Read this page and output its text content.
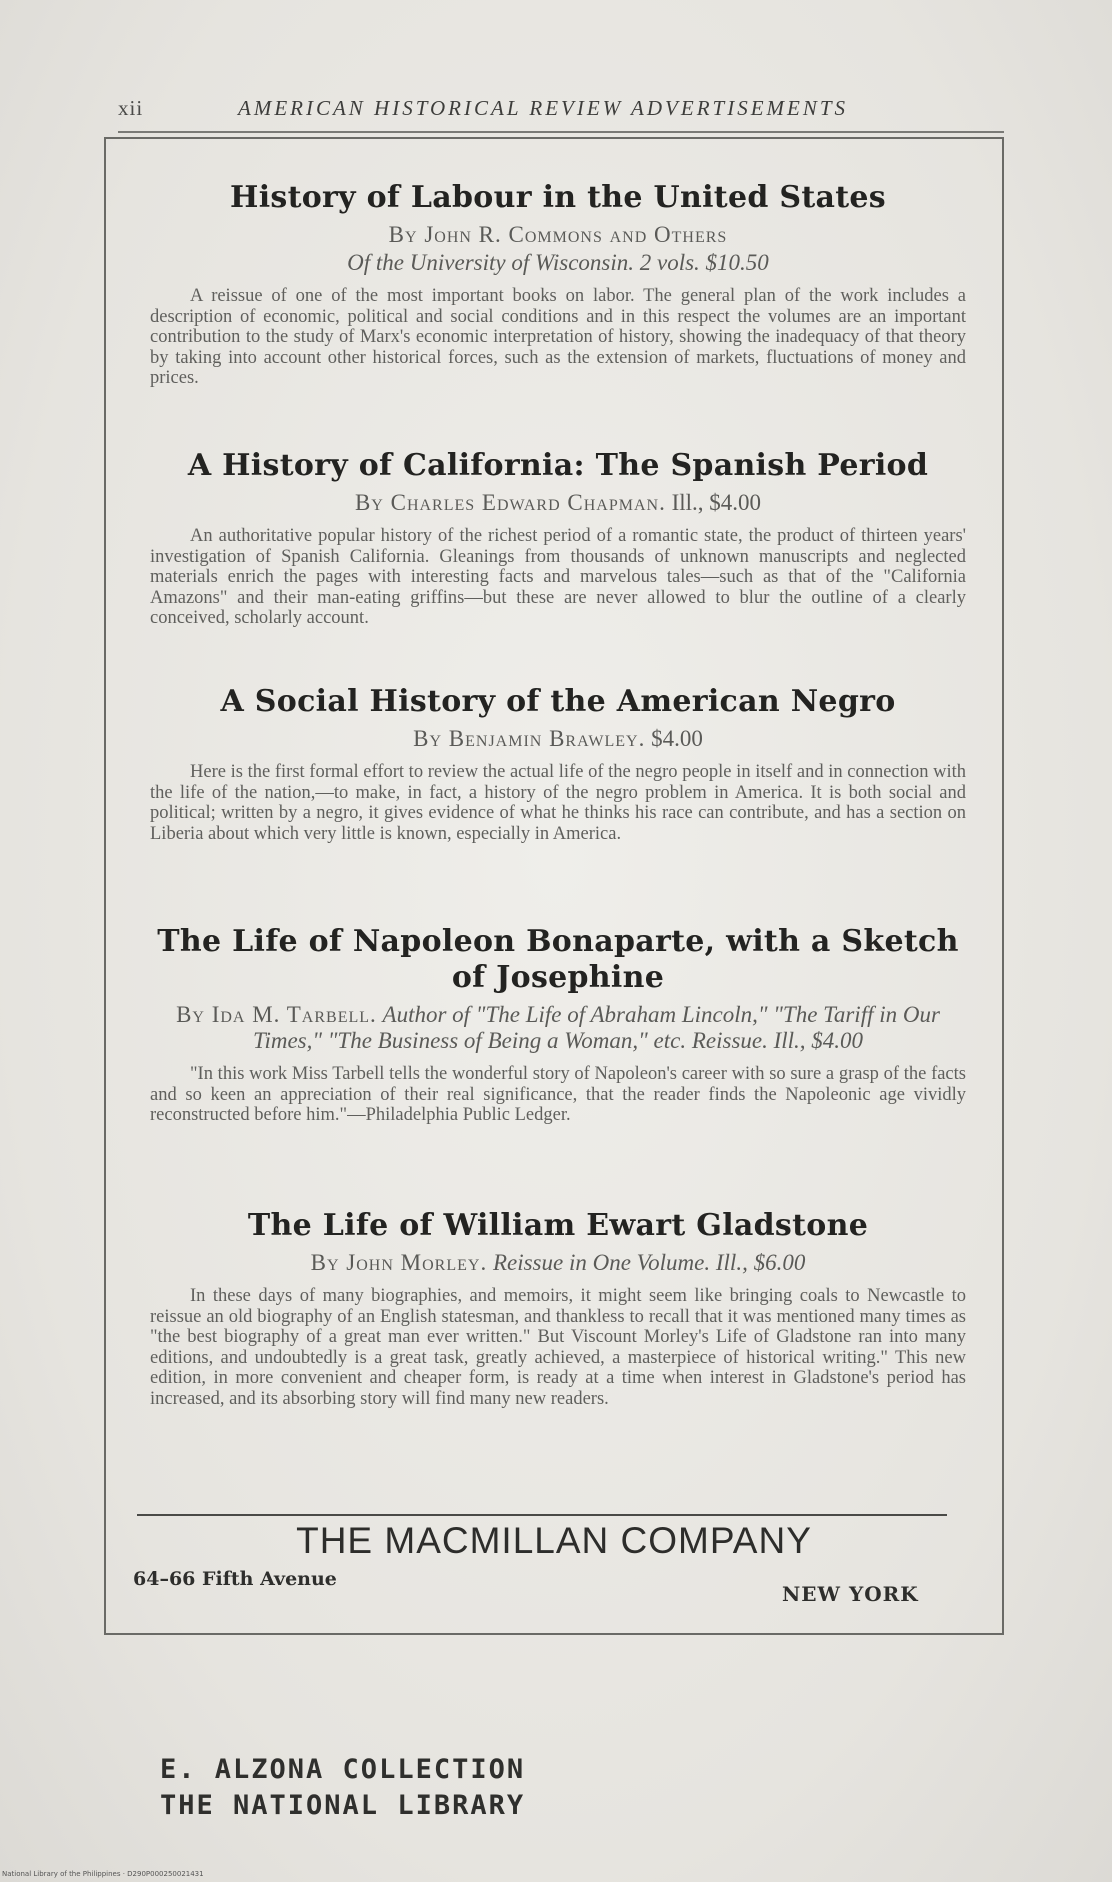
xii	AMERICAN HISTORICAL REVIEW ADVERTISEMENTS
History of Labour in the United States
By John R. Commons and Others
Of the University of Wisconsin. 2 vols. $10.50
A reissue of one of the most important books on labor. The general plan of the work includes a description of economic, political and social conditions and in this respect the volumes are an important contribution to the study of Marx's economic interpretation of history, showing the inadequacy of that theory by taking into account other historical forces, such as the extension of markets, fluctuations of money and prices.
A History of California: The Spanish Period
By Charles Edward Chapman. Ill., $4.00
An authoritative popular history of the richest period of a romantic state, the product of thirteen years' investigation of Spanish California. Gleanings from thousands of unknown manuscripts and neglected materials enrich the pages with interesting facts and marvelous tales—such as that of the "California Amazons" and their man-eating griffins—but these are never allowed to blur the outline of a clearly conceived, scholarly account.
A Social History of the American Negro
By Benjamin Brawley. $4.00
Here is the first formal effort to review the actual life of the negro people in itself and in connection with the life of the nation,—to make, in fact, a history of the negro problem in America. It is both social and political; written by a negro, it gives evidence of what he thinks his race can contribute, and has a section on Liberia about which very little is known, especially in America.
The Life of Napoleon Bonaparte, with a Sketch of Josephine
By Ida M. Tarbell. Author of "The Life of Abraham Lincoln," "The Tariff in Our Times," "The Business of Being a Woman," etc. Reissue. Ill., $4.00
"In this work Miss Tarbell tells the wonderful story of Napoleon's career with so sure a grasp of the facts and so keen an appreciation of their real significance, that the reader finds the Napoleonic age vividly reconstructed before him."—Philadelphia Public Ledger.
The Life of William Ewart Gladstone
By John Morley. Reissue in One Volume. Ill., $6.00
In these days of many biographies, and memoirs, it might seem like bringing coals to Newcastle to reissue an old biography of an English statesman, and thankless to recall that it was mentioned many times as "the best biography of a great man ever written." But Viscount Morley's Life of Gladstone ran into many editions, and undoubtedly is a great task, greatly achieved, a masterpiece of historical writing." This new edition, in more convenient and cheaper form, is ready at a time when interest in Gladstone's period has increased, and its absorbing story will find many new readers.
THE MACMILLAN COMPANY
64–66 Fifth Avenue
NEW YORK
E. ALZONA COLLECTION
THE NATIONAL LIBRARY
National Library of the Philippines · D290P000250021431
